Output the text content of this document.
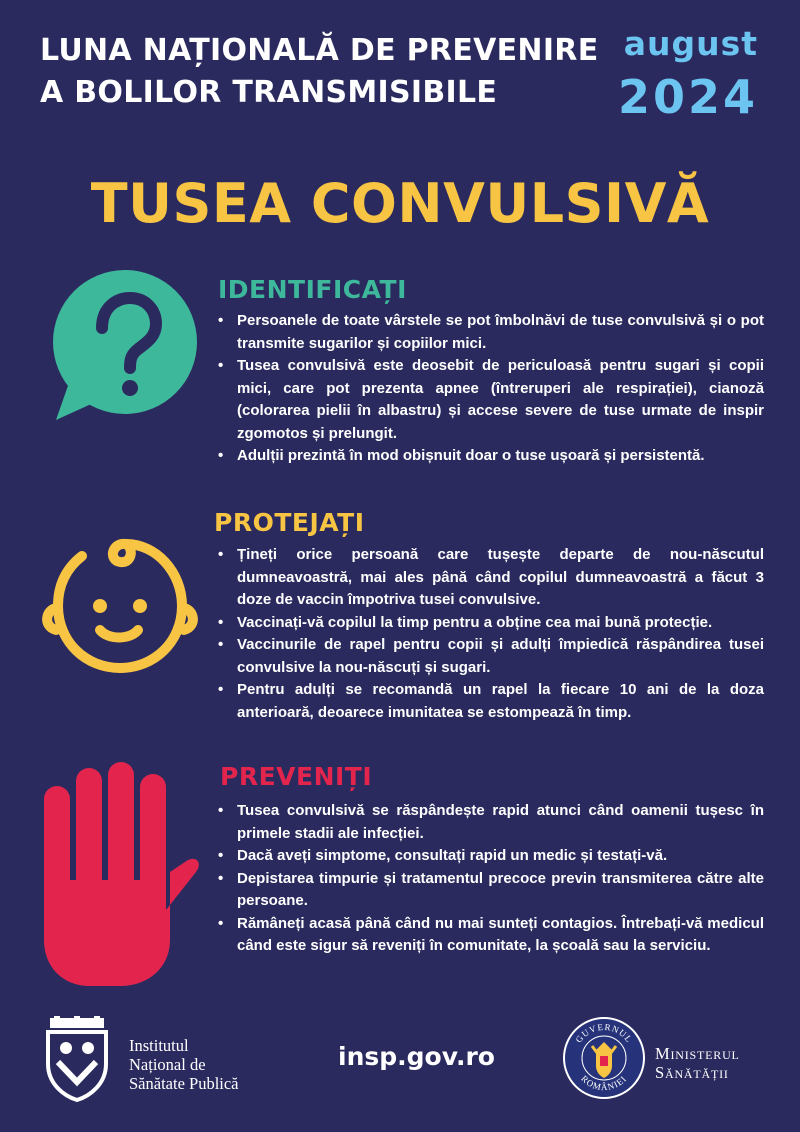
LUNA NAȚIONALĂ DE PREVENIRE
A BOLILOR TRANSMISIBILE
august
2024
TUSEA CONVULSIVĂ
IDENTIFICAȚI
• Persoanele de toate vârstele se pot îmbolnăvi de tuse convulsivă și o pot transmite sugarilor și copiilor mici.
• Tusea convulsivă este deosebit de periculoasă pentru sugari și copii mici, care pot prezenta apnee (întreruperi ale respirației), cianoză (colorarea pielii în albastru) și accese severe de tuse urmate de inspir zgomotos și prelungit.
• Adulții prezintă în mod obișnuit doar o tuse ușoară și persistentă.
PROTEJAȚI
• Țineți orice persoană care tușește departe de nou-născutul dumneavoastră, mai ales până când copilul dumneavoastră a făcut 3 doze de vaccin împotriva tusei convulsive.
• Vaccinați-vă copilul la timp pentru a obține cea mai bună protecție.
• Vaccinurile de rapel pentru copii și adulți împiedică răspândirea tusei convulsive la nou-născuți și sugari.
• Pentru adulți se recomandă un rapel la fiecare 10 ani de la doza anterioară, deoarece imunitatea se estompează în timp.
PREVENIȚI
• Tusea convulsivă se răspândește rapid atunci când oamenii tușesc în primele stadii ale infecției.
• Dacă aveți simptome, consultați rapid un medic și testați-vă.
• Depistarea timpurie și tratamentul precoce previn transmiterea către alte persoane.
• Rămâneți acasă până când nu mai sunteți contagios. Întrebați-vă medicul când este sigur să reveniți în comunitate, la școală sau la serviciu.
Institutul
Național de
Sănătate Publică
insp.gov.ro
GUVERNUL
ROMÂNIEI
Ministerul
Sănătății
